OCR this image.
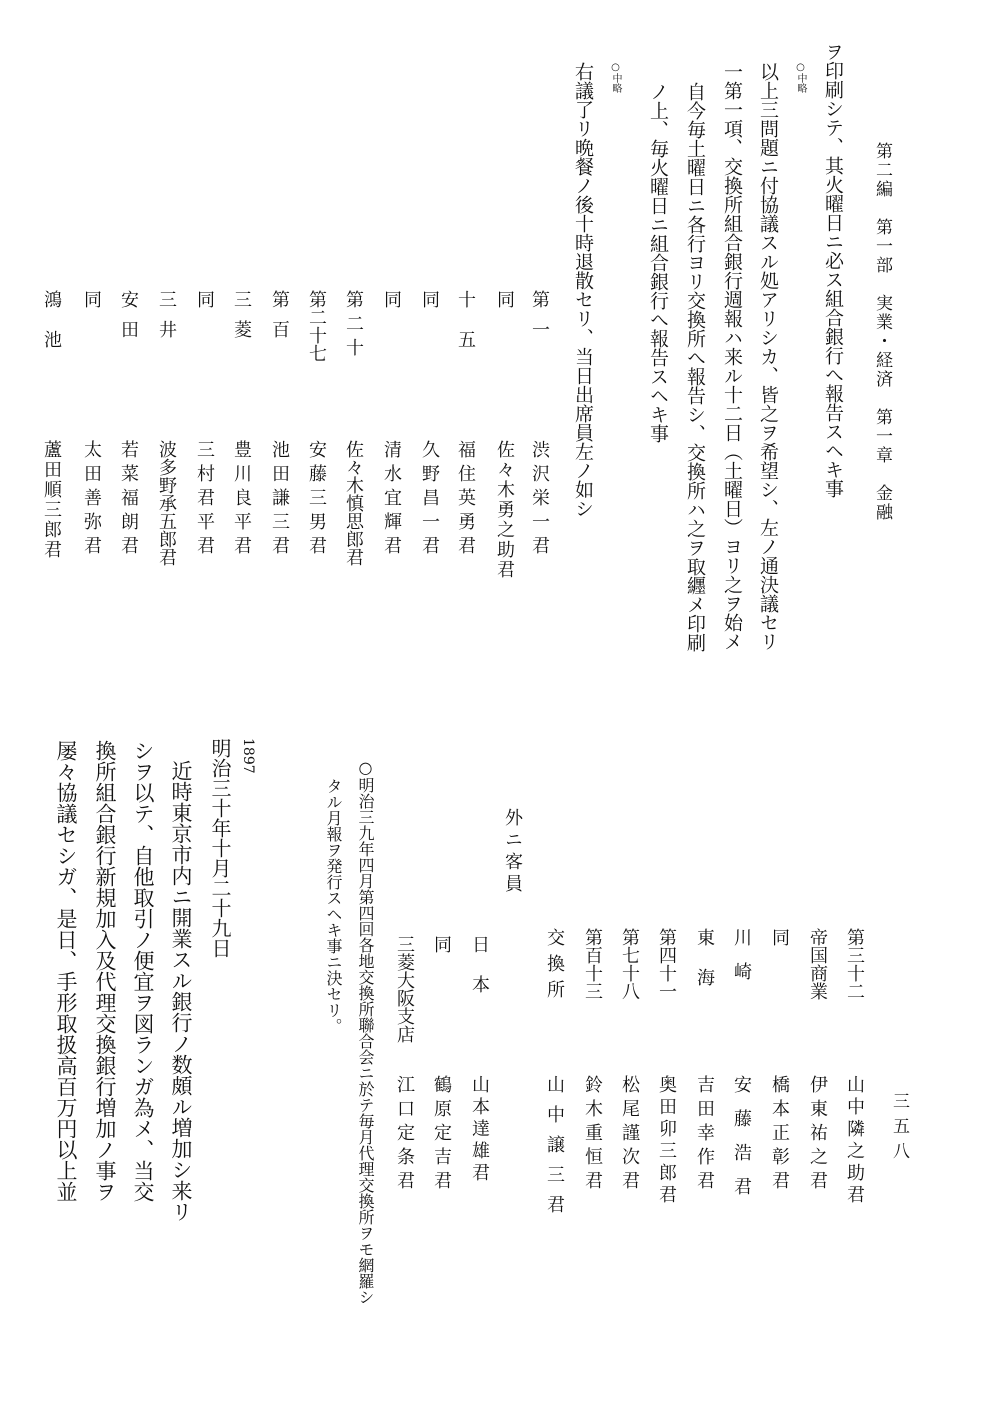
第二編　第一部　実業・経済　第一章　金融
ヲ印刷シテ、其火曜日ニ必ス組合銀行へ報告スヘキ事
○中略
以上三問題ニ付協議スル処アリシカ、皆之ヲ希望シ、左ノ通決議セリ
一第一項、交換所組合銀行週報ハ来ル十二日（土曜日）ヨリ之ヲ始メ
自今毎土曜日ニ各行ヨリ交換所へ報告シ、交換所ハ之ヲ取纒メ印刷
ノ上、毎火曜日ニ組合銀行へ報告スヘキ事
○中略
右議了リ晩餐ノ後十時退散セリ、当日出席員左ノ如シ
第一
渋沢栄一君
同
佐々木勇之助君
十五
福住英勇君
同
久野昌一君
同
清水宜輝君
第二十
佐々木慎思郎君
第二十七
安藤三男君
第百
池田謙三君
三菱
豊川良平君
同
三村君平君
三井
波多野承五郎君
安田
若菜福朗君
同
太田善弥君
鴻池
蘆田順三郎君
三五八
第三十二
山中隣之助君
帝国商業
伊東祐之君
同
橋本正彰君
川崎
安藤浩君
東海
吉田幸作君
第四十一
奥田卯三郎君
第七十八
松尾謹次君
第百十三
鈴木重恒君
交換所
山中譲三君
外ニ客員
日本
山本達雄君
同
鶴原定吉君
三菱大阪支店
江口定条君
○明治三九年四月第四回各地交換所聯合会ニ於テ毎月代理交換所ヲモ網羅シ
タル月報ヲ発行スヘキ事ニ決セリ。
1897
明治三十年十月二十九日
近時東京市内ニ開業スル銀行ノ数頗ル増加シ来リ
シヲ以テ、自他取引ノ便宜ヲ図ランガ為メ、当交
換所組合銀行新規加入及代理交換銀行増加ノ事ヲ
屡々協議セシガ、是日、手形取扱高百万円以上並
